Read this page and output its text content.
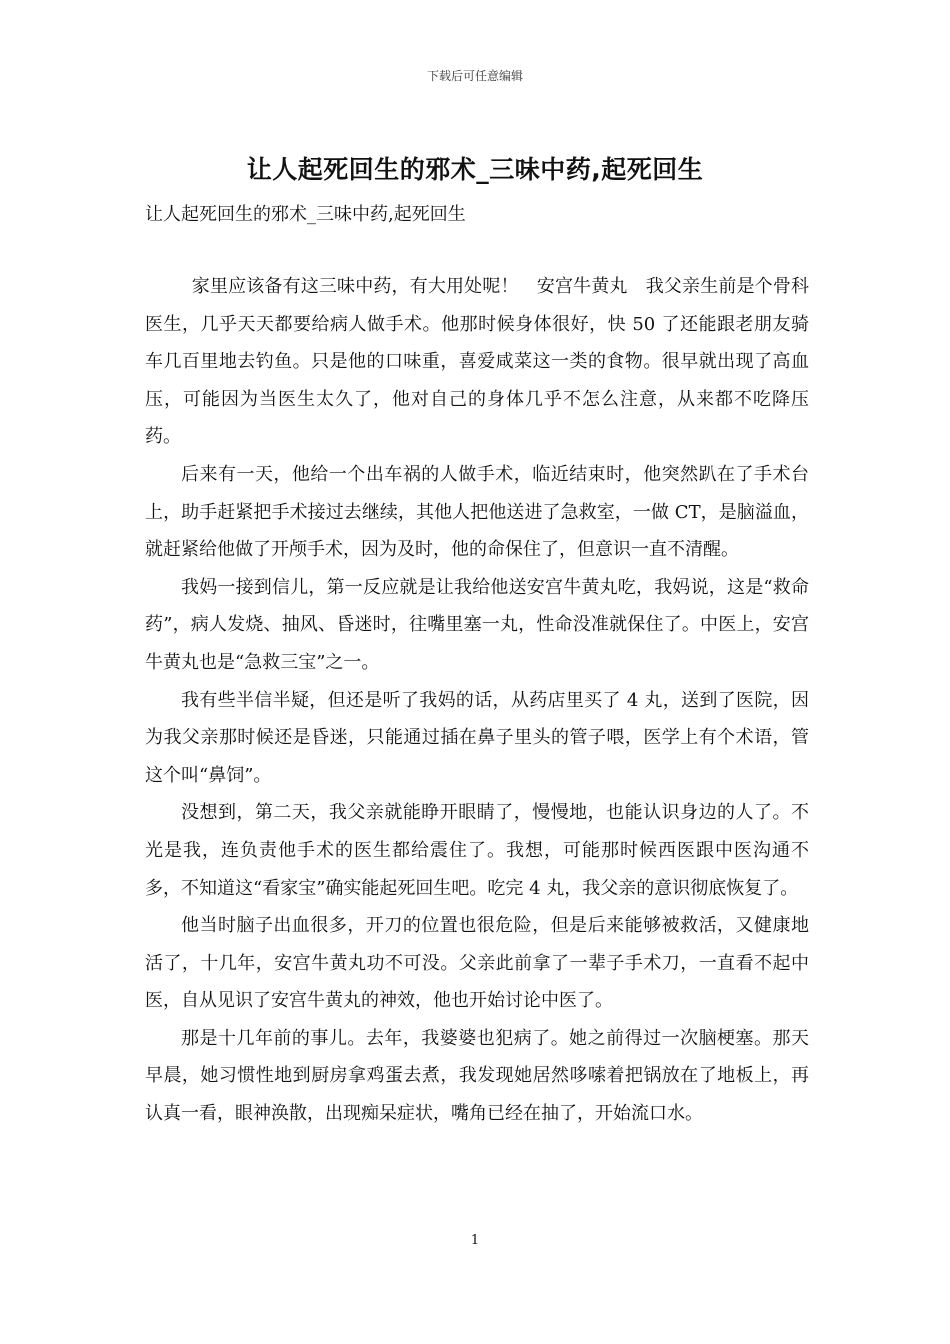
下载后可任意编辑
让人起死回生的邪术_三味中药,起死回生
让人起死回生的邪术_三味中药,起死回生

家里应该备有这三味中药，有大用处呢！　安宫牛黄丸　我父亲生前是个骨科医生，几乎天天都要给病人做手术。他那时候身体很好，快 50 了还能跟老朋友骑车几百里地去钓鱼。只是他的口味重，喜爱咸菜这一类的食物。很早就出现了高血压，可能因为当医生太久了，他对自己的身体几乎不怎么注意，从来都不吃降压药。

后来有一天，他给一个出车祸的人做手术，临近结束时，他突然趴在了手术台上，助手赶紧把手术接过去继续，其他人把他送进了急救室，一做 CT，是脑溢血，就赶紧给他做了开颅手术，因为及时，他的命保住了，但意识一直不清醒。

我妈一接到信儿，第一反应就是让我给他送安宫牛黄丸吃，我妈说，这是“救命药”，病人发烧、抽风、昏迷时，往嘴里塞一丸，性命没准就保住了。中医上，安宫牛黄丸也是“急救三宝”之一。

我有些半信半疑，但还是听了我妈的话，从药店里买了 4 丸，送到了医院，因为我父亲那时候还是昏迷，只能通过插在鼻子里头的管子喂，医学上有个术语，管这个叫“鼻饲”。

没想到，第二天，我父亲就能睁开眼睛了，慢慢地，也能认识身边的人了。不光是我，连负责他手术的医生都给震住了。我想，可能那时候西医跟中医沟通不多，不知道这“看家宝”确实能起死回生吧。吃完 4 丸，我父亲的意识彻底恢复了。

他当时脑子出血很多，开刀的位置也很危险，但是后来能够被救活，又健康地活了，十几年，安宫牛黄丸功不可没。父亲此前拿了一辈子手术刀，一直看不起中医，自从见识了安宫牛黄丸的神效，他也开始讨论中医了。

那是十几年前的事儿。去年，我婆婆也犯病了。她之前得过一次脑梗塞。那天早晨，她习惯性地到厨房拿鸡蛋去煮，我发现她居然哆嗦着把锅放在了地板上，再认真一看，眼神涣散，出现痴呆症状，嘴角已经在抽了，开始流口水。

1
